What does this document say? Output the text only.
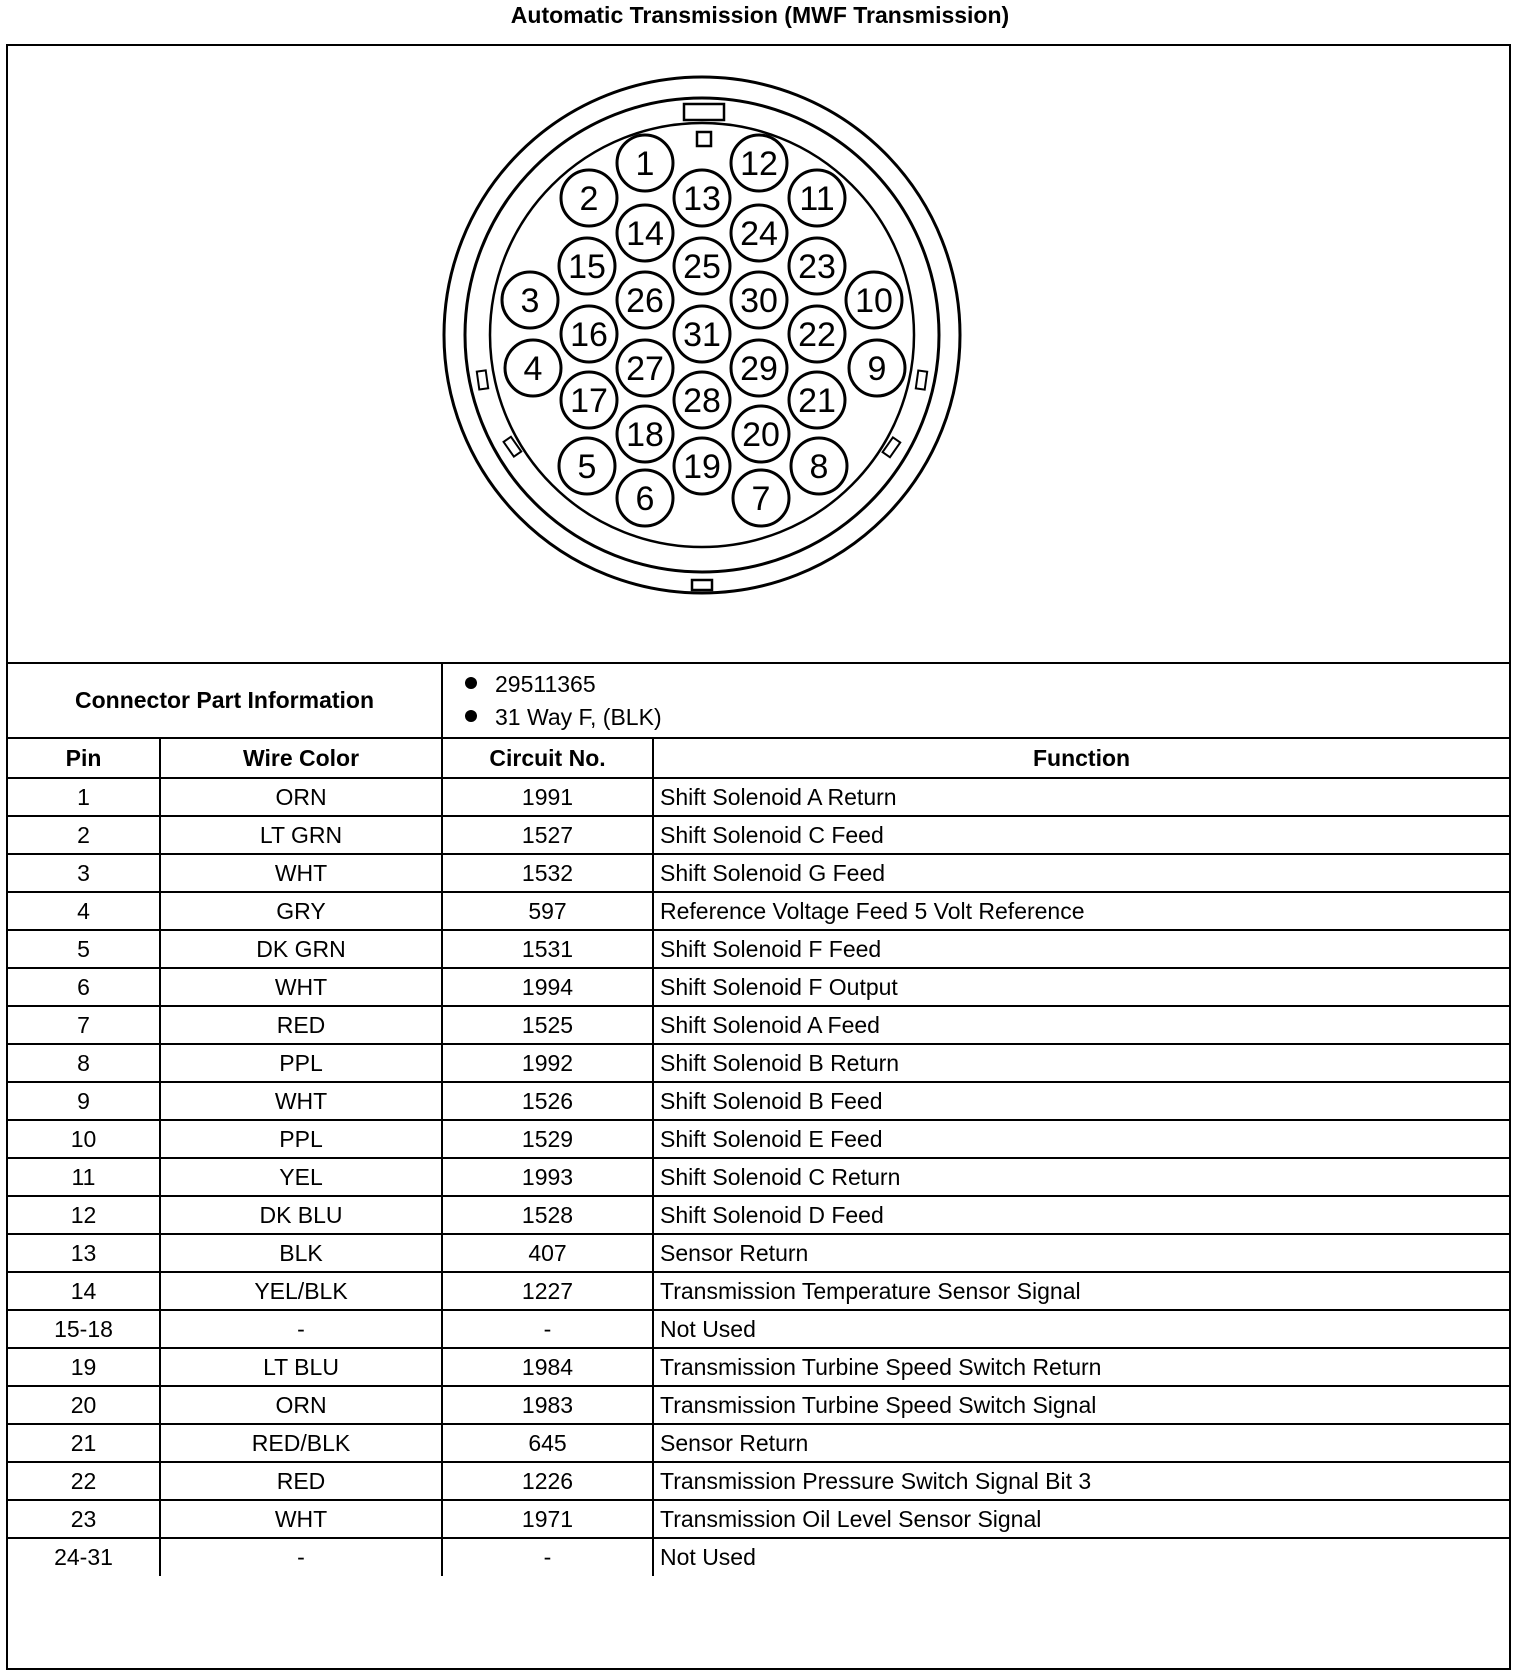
Automatic Transmission (MWF Transmission)
1
2
3
4
5
6	7
8
9
10
11
12
13
14
15
16
17
18
19
20
21
22
23
24
25
26
27
28
29
30
31
Connector Part Information		29511365
31 Way F, (BLK)	

Pin	Wire Color	Circuit No.	Function
1	ORN	1991	Shift Solenoid A Return
2	LT GRN	1527	Shift Solenoid C Feed
3	WHT	1532	Shift Solenoid G Feed
4	GRY	597	Reference Voltage Feed 5 Volt Reference
5	DK GRN	1531	Shift Solenoid F Feed
6	WHT	1994	Shift Solenoid F Output
7	RED	1525	Shift Solenoid A Feed
8	PPL	1992	Shift Solenoid B Return
9	WHT	1526	Shift Solenoid B Feed
10	PPL	1529	Shift Solenoid E Feed
11	YEL	1993	Shift Solenoid C Return
12	DK BLU	1528	Shift Solenoid D Feed
13	BLK	407	Sensor Return
14	YEL/BLK	1227	Transmission Temperature Sensor Signal
15-18	-	-	Not Used
19	LT BLU	1984	Transmission Turbine Speed Switch Return
20	ORN	1983	Transmission Turbine Speed Switch Signal
21	RED/BLK	645	Sensor Return
22	RED	1226	Transmission Pressure Switch Signal Bit 3
23	WHT	1971	Transmission Oil Level Sensor Signal
24-31	-	-	Not Used
